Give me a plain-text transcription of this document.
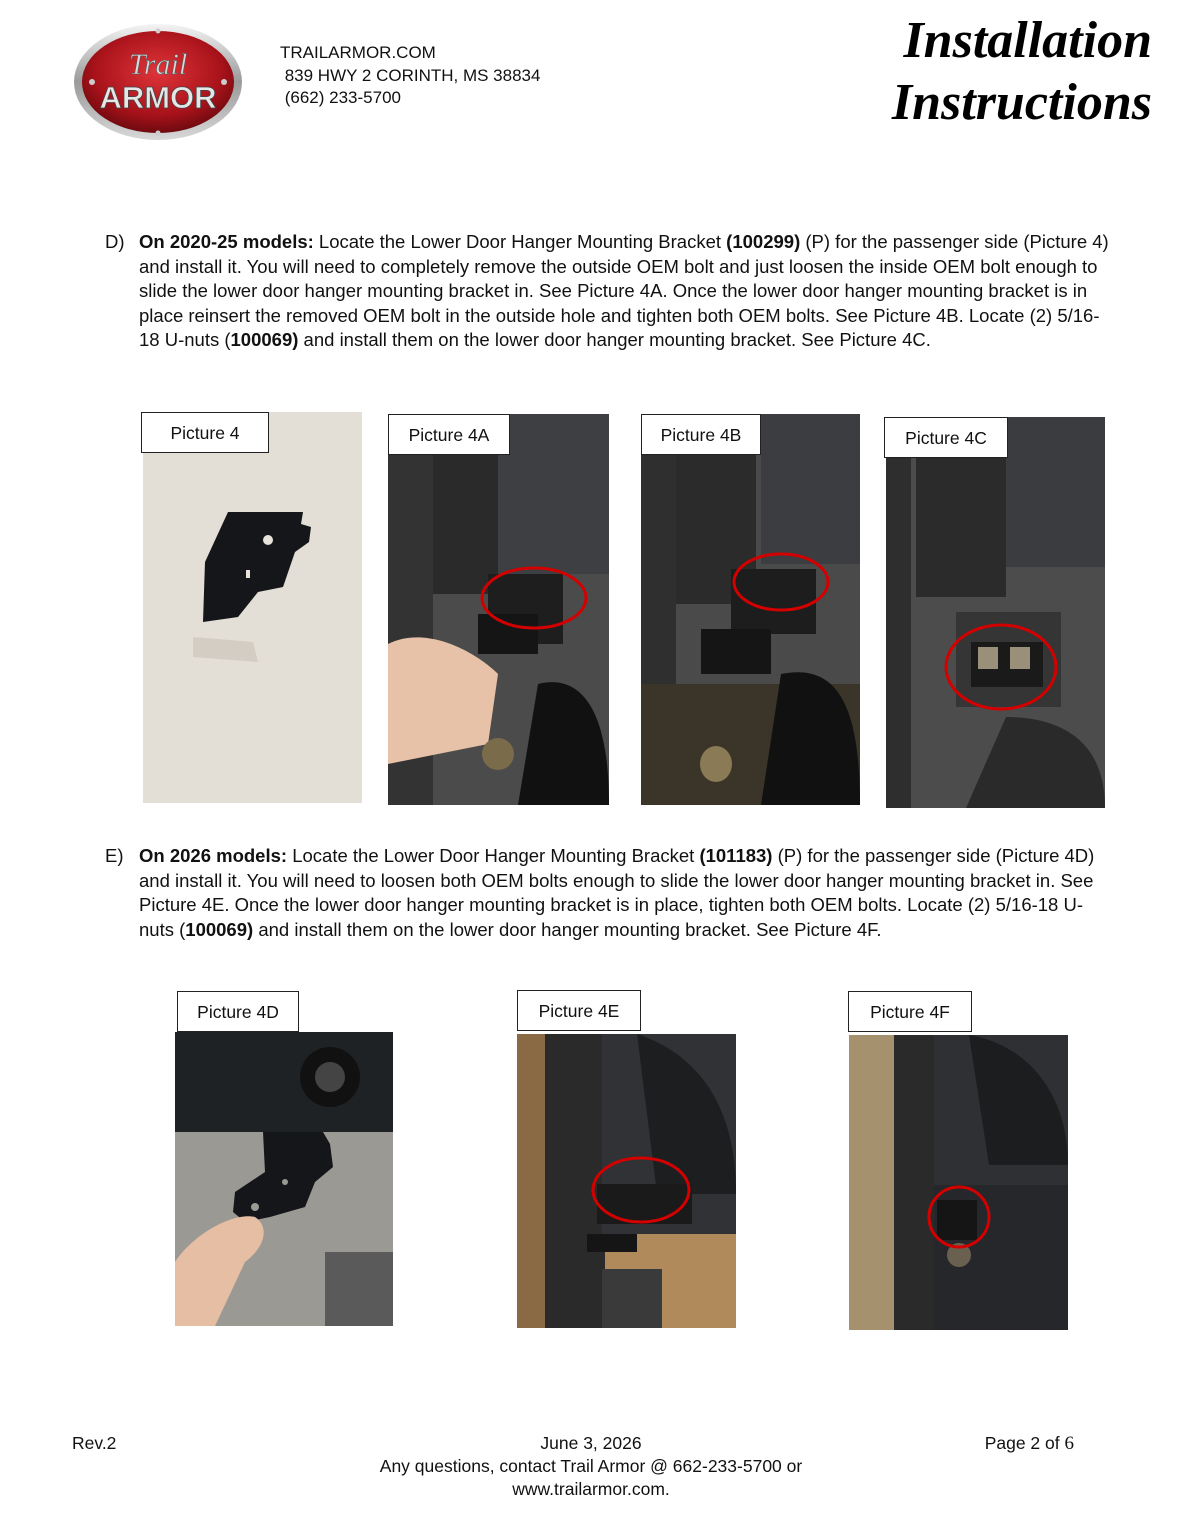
Trail
ARMOR
TRAILARMOR.COM
839 HWY 2 CORINTH, MS 38834
(662) 233-5700
Installation
Instructions
D) On 2020-25 models: Locate the Lower Door Hanger Mounting Bracket (100299) (P) for the passenger side (Picture 4) and install it. You will need to completely remove the outside OEM bolt and just loosen the inside OEM bolt enough to slide the lower door hanger mounting bracket in. See Picture 4A. Once the lower door hanger mounting bracket is in place reinsert the removed OEM bolt in the outside hole and tighten both OEM bolts. See Picture 4B. Locate (2) 5/16-18 U-nuts (100069) and install them on the lower door hanger mounting bracket. See Picture 4C.
Picture 4	Picture 4A	Picture 4B	Picture 4C
E) On 2026 models: Locate the Lower Door Hanger Mounting Bracket (101183) (P) for the passenger side (Picture 4D) and install it. You will need to loosen both OEM bolts enough to slide the lower door hanger mounting bracket in. See Picture 4E. Once the lower door hanger mounting bracket is in place, tighten both OEM bolts. Locate (2) 5/16-18 U-nuts (100069) and install them on the lower door hanger mounting bracket. See Picture 4F.
Picture 4D	Picture 4E	Picture 4F
Rev.2	June 3, 2026
Any questions, contact Trail Armor @ 662-233-5700 or
www.trailarmor.com.
Page 2 of 6
